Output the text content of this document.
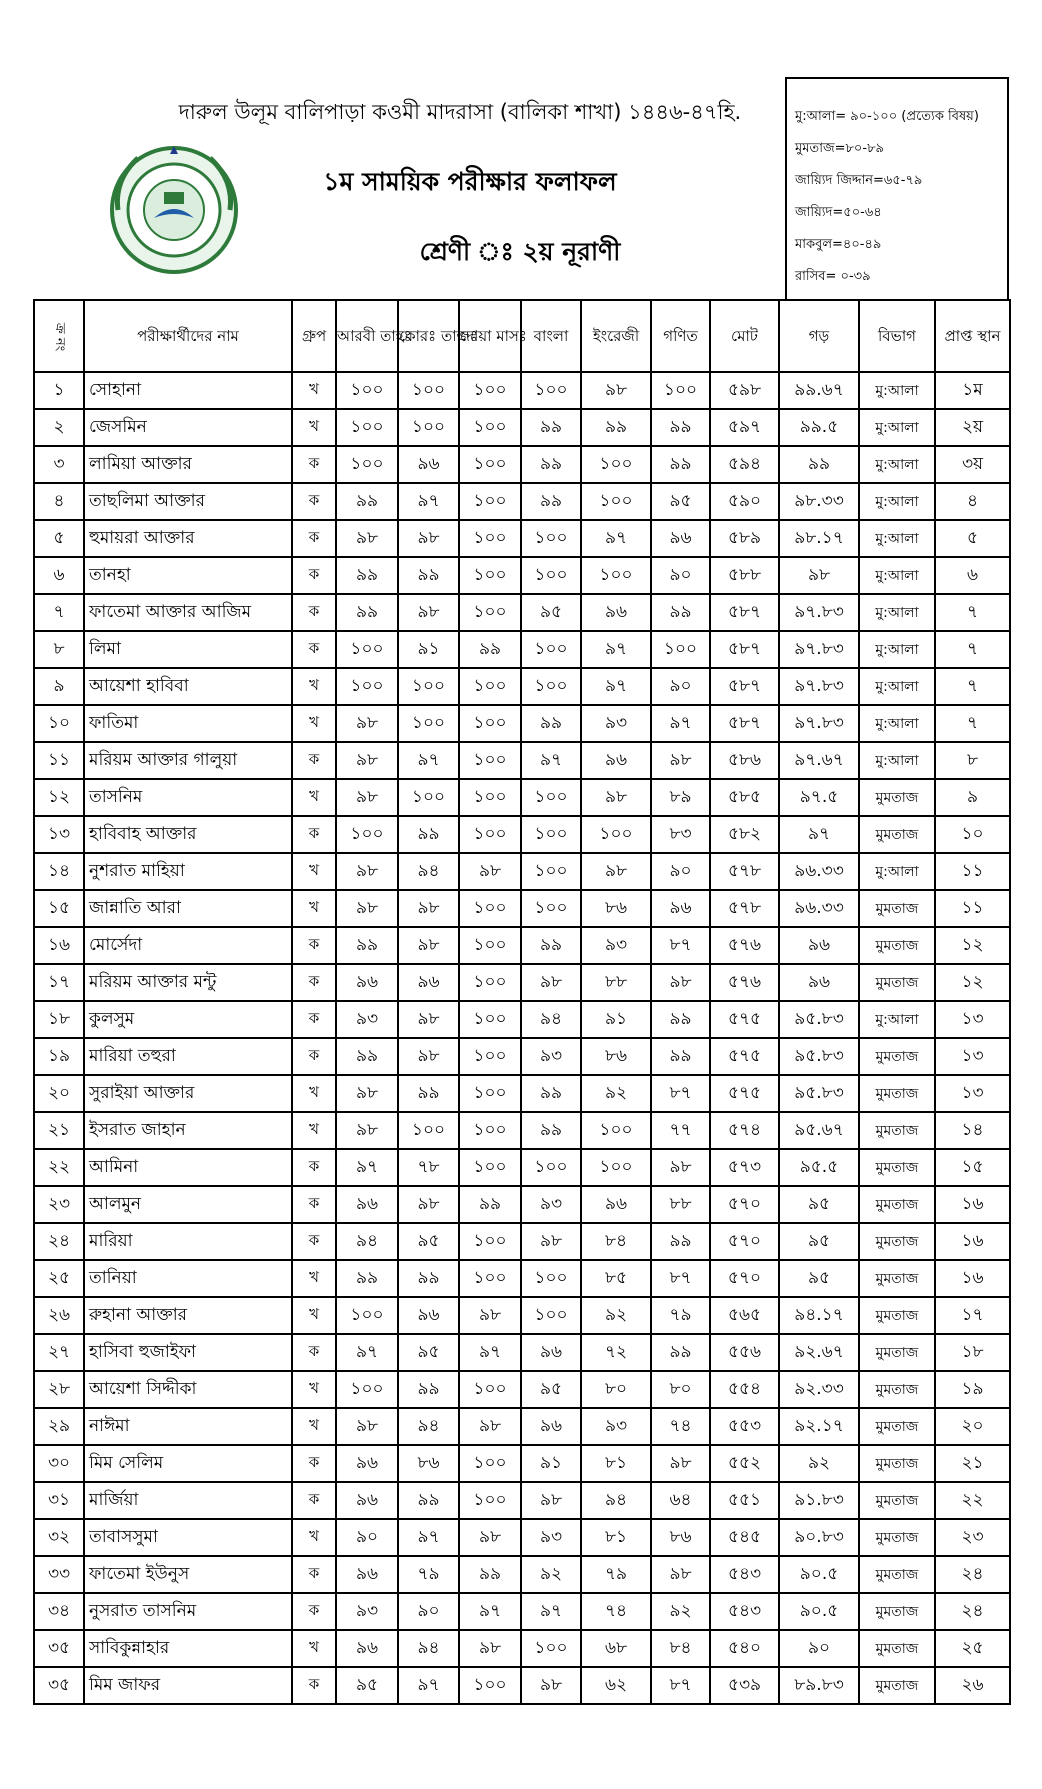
দারুল উলূম বালিপাড়া কওমী মাদরাসা (বালিকা শাখা) ১৪৪৬-৪৭হি.
১ম সাময়িক পরীক্ষার ফলাফল
শ্রেণী ঃ ২য় নূরাণী
মু:আলা= ৯০-১০০ (প্রত্যেক বিষয়)
মুমতাজ=৮০-৮৯
জায়্যিদ জিদ্দান=৬৫-৭৯
জায়্যিদ=৫০-৬৪
মাকবুল=৪০-৪৯
রাসিব= ০-৩৯
ক্র নং	পরীক্ষার্থীদের নাম	গ্রুপ	আরবী তাহঃ	কোরঃ তাজঃ	দোয়া মাসঃ	বাংলা	ইংরেজী	গণিত	মোট	গড়	বিভাগ	প্রাপ্ত স্থান
১	সোহানা	খ	১০০	১০০	১০০	১০০	৯৮	১০০	৫৯৮	৯৯.৬৭	মু:আলা	১ম
২	জেসমিন	খ	১০০	১০০	১০০	৯৯	৯৯	৯৯	৫৯৭	৯৯.৫	মু:আলা	২য়
৩	লামিয়া আক্তার	ক	১০০	৯৬	১০০	৯৯	১০০	৯৯	৫৯৪	৯৯	মু:আলা	৩য়
৪	তাছলিমা আক্তার	ক	৯৯	৯৭	১০০	৯৯	১০০	৯৫	৫৯০	৯৮.৩৩	মু:আলা	৪
৫	হুমায়রা আক্তার	ক	৯৮	৯৮	১০০	১০০	৯৭	৯৬	৫৮৯	৯৮.১৭	মু:আলা	৫
৬	তানহা	ক	৯৯	৯৯	১০০	১০০	১০০	৯০	৫৮৮	৯৮	মু:আলা	৬
৭	ফাতেমা আক্তার আজিম	ক	৯৯	৯৮	১০০	৯৫	৯৬	৯৯	৫৮৭	৯৭.৮৩	মু:আলা	৭
৮	লিমা	ক	১০০	৯১	৯৯	১০০	৯৭	১০০	৫৮৭	৯৭.৮৩	মু:আলা	৭
৯	আয়েশা হাবিবা	খ	১০০	১০০	১০০	১০০	৯৭	৯০	৫৮৭	৯৭.৮৩	মু:আলা	৭
১০	ফাতিমা	খ	৯৮	১০০	১০০	৯৯	৯৩	৯৭	৫৮৭	৯৭.৮৩	মু:আলা	৭
১১	মরিয়ম আক্তার গালুয়া	ক	৯৮	৯৭	১০০	৯৭	৯৬	৯৮	৫৮৬	৯৭.৬৭	মু:আলা	৮
১২	তাসনিম	খ	৯৮	১০০	১০০	১০০	৯৮	৮৯	৫৮৫	৯৭.৫	মুমতাজ	৯
১৩	হাবিবাহ আক্তার	ক	১০০	৯৯	১০০	১০০	১০০	৮৩	৫৮২	৯৭	মুমতাজ	১০
১৪	নুশরাত মাহিয়া	খ	৯৮	৯৪	৯৮	১০০	৯৮	৯০	৫৭৮	৯৬.৩৩	মু:আলা	১১
১৫	জান্নাতি আরা	খ	৯৮	৯৮	১০০	১০০	৮৬	৯৬	৫৭৮	৯৬.৩৩	মুমতাজ	১১
১৬	মোর্সেদা	ক	৯৯	৯৮	১০০	৯৯	৯৩	৮৭	৫৭৬	৯৬	মুমতাজ	১২
১৭	মরিয়ম আক্তার মন্টু	ক	৯৬	৯৬	১০০	৯৮	৮৮	৯৮	৫৭৬	৯৬	মুমতাজ	১২
১৮	কুলসুম	ক	৯৩	৯৮	১০০	৯৪	৯১	৯৯	৫৭৫	৯৫.৮৩	মু:আলা	১৩
১৯	মারিয়া তহুরা	ক	৯৯	৯৮	১০০	৯৩	৮৬	৯৯	৫৭৫	৯৫.৮৩	মুমতাজ	১৩
২০	সুরাইয়া আক্তার	খ	৯৮	৯৯	১০০	৯৯	৯২	৮৭	৫৭৫	৯৫.৮৩	মুমতাজ	১৩
২১	ইসরাত জাহান	খ	৯৮	১০০	১০০	৯৯	১০০	৭৭	৫৭৪	৯৫.৬৭	মুমতাজ	১৪
২২	আমিনা	ক	৯৭	৭৮	১০০	১০০	১০০	৯৮	৫৭৩	৯৫.৫	মুমতাজ	১৫
২৩	আলমুন	ক	৯৬	৯৮	৯৯	৯৩	৯৬	৮৮	৫৭০	৯৫	মুমতাজ	১৬
২৪	মারিয়া	ক	৯৪	৯৫	১০০	৯৮	৮৪	৯৯	৫৭০	৯৫	মুমতাজ	১৬
২৫	তানিয়া	খ	৯৯	৯৯	১০০	১০০	৮৫	৮৭	৫৭০	৯৫	মুমতাজ	১৬
২৬	রুহানা আক্তার	খ	১০০	৯৬	৯৮	১০০	৯২	৭৯	৫৬৫	৯৪.১৭	মুমতাজ	১৭
২৭	হাসিবা হুজাইফা	ক	৯৭	৯৫	৯৭	৯৬	৭২	৯৯	৫৫৬	৯২.৬৭	মুমতাজ	১৮
২৮	আয়েশা সিদ্দীকা	খ	১০০	৯৯	১০০	৯৫	৮০	৮০	৫৫৪	৯২.৩৩	মুমতাজ	১৯
২৯	নাঈমা	খ	৯৮	৯৪	৯৮	৯৬	৯৩	৭৪	৫৫৩	৯২.১৭	মুমতাজ	২০
৩০	মিম সেলিম	ক	৯৬	৮৬	১০০	৯১	৮১	৯৮	৫৫২	৯২	মুমতাজ	২১
৩১	মার্জিয়া	ক	৯৬	৯৯	১০০	৯৮	৯৪	৬৪	৫৫১	৯১.৮৩	মুমতাজ	২২
৩২	তাবাসসুমা	খ	৯০	৯৭	৯৮	৯৩	৮১	৮৬	৫৪৫	৯০.৮৩	মুমতাজ	২৩
৩৩	ফাতেমা ইউনুস	ক	৯৬	৭৯	৯৯	৯২	৭৯	৯৮	৫৪৩	৯০.৫	মুমতাজ	২৪
৩৪	নুসরাত তাসনিম	ক	৯৩	৯০	৯৭	৯৭	৭৪	৯২	৫৪৩	৯০.৫	মুমতাজ	২৪
৩৫	সাবিকুন্নাহার	খ	৯৬	৯৪	৯৮	১০০	৬৮	৮৪	৫৪০	৯০	মুমতাজ	২৫
৩৫	মিম জাফর	ক	৯৫	৯৭	১০০	৯৮	৬২	৮৭	৫৩৯	৮৯.৮৩	মুমতাজ	২৬
